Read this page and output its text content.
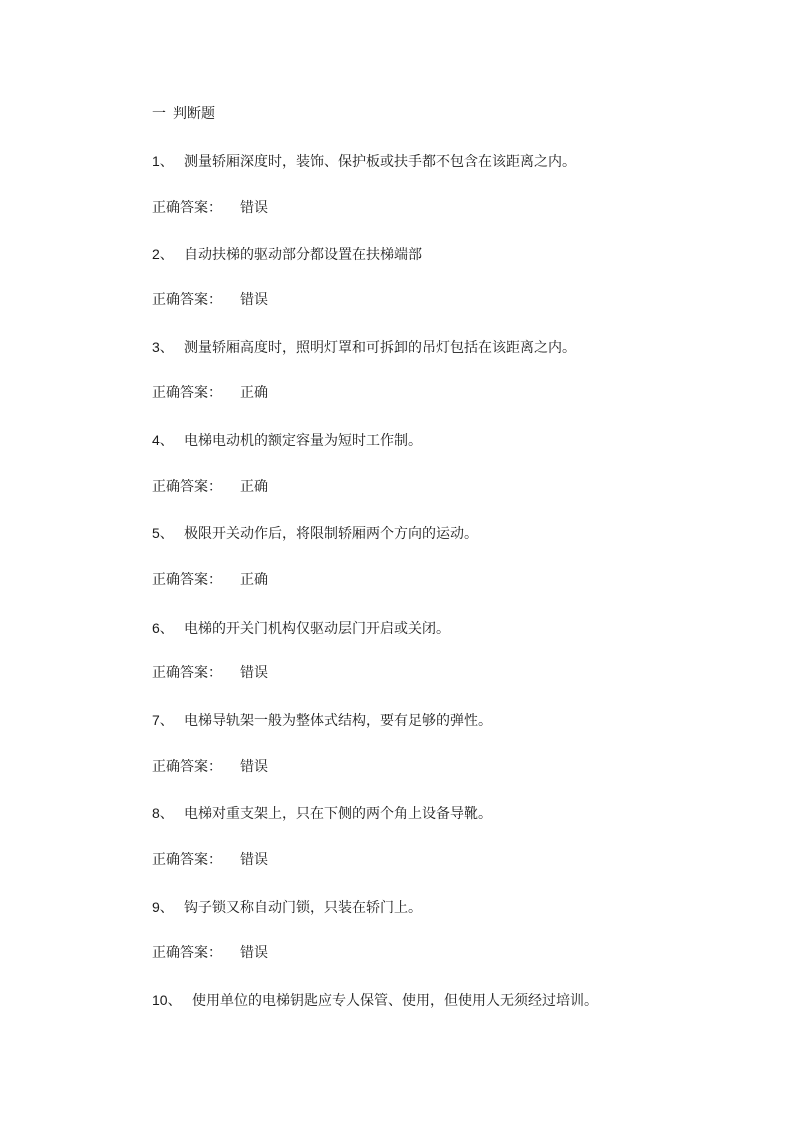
一 判断题
1、 测量轿厢深度时，装饰、保护板或扶手都不包含在该距离之内。
正确答案： 错误
2、 自动扶梯的驱动部分都设置在扶梯端部
正确答案： 错误
3、 测量轿厢高度时，照明灯罩和可拆卸的吊灯包括在该距离之内。
正确答案： 正确
4、 电梯电动机的额定容量为短时工作制。
正确答案： 正确
5、 极限开关动作后，将限制轿厢两个方向的运动。
正确答案： 正确
6、 电梯的开关门机构仅驱动层门开启或关闭。
正确答案： 错误
7、 电梯导轨架一般为整体式结构，要有足够的弹性。
正确答案： 错误
8、 电梯对重支架上，只在下侧的两个角上设备导靴。
正确答案： 错误
9、 钩子锁又称自动门锁，只装在轿门上。
正确答案： 错误
10、 使用单位的电梯钥匙应专人保管、使用，但使用人无须经过培训。
